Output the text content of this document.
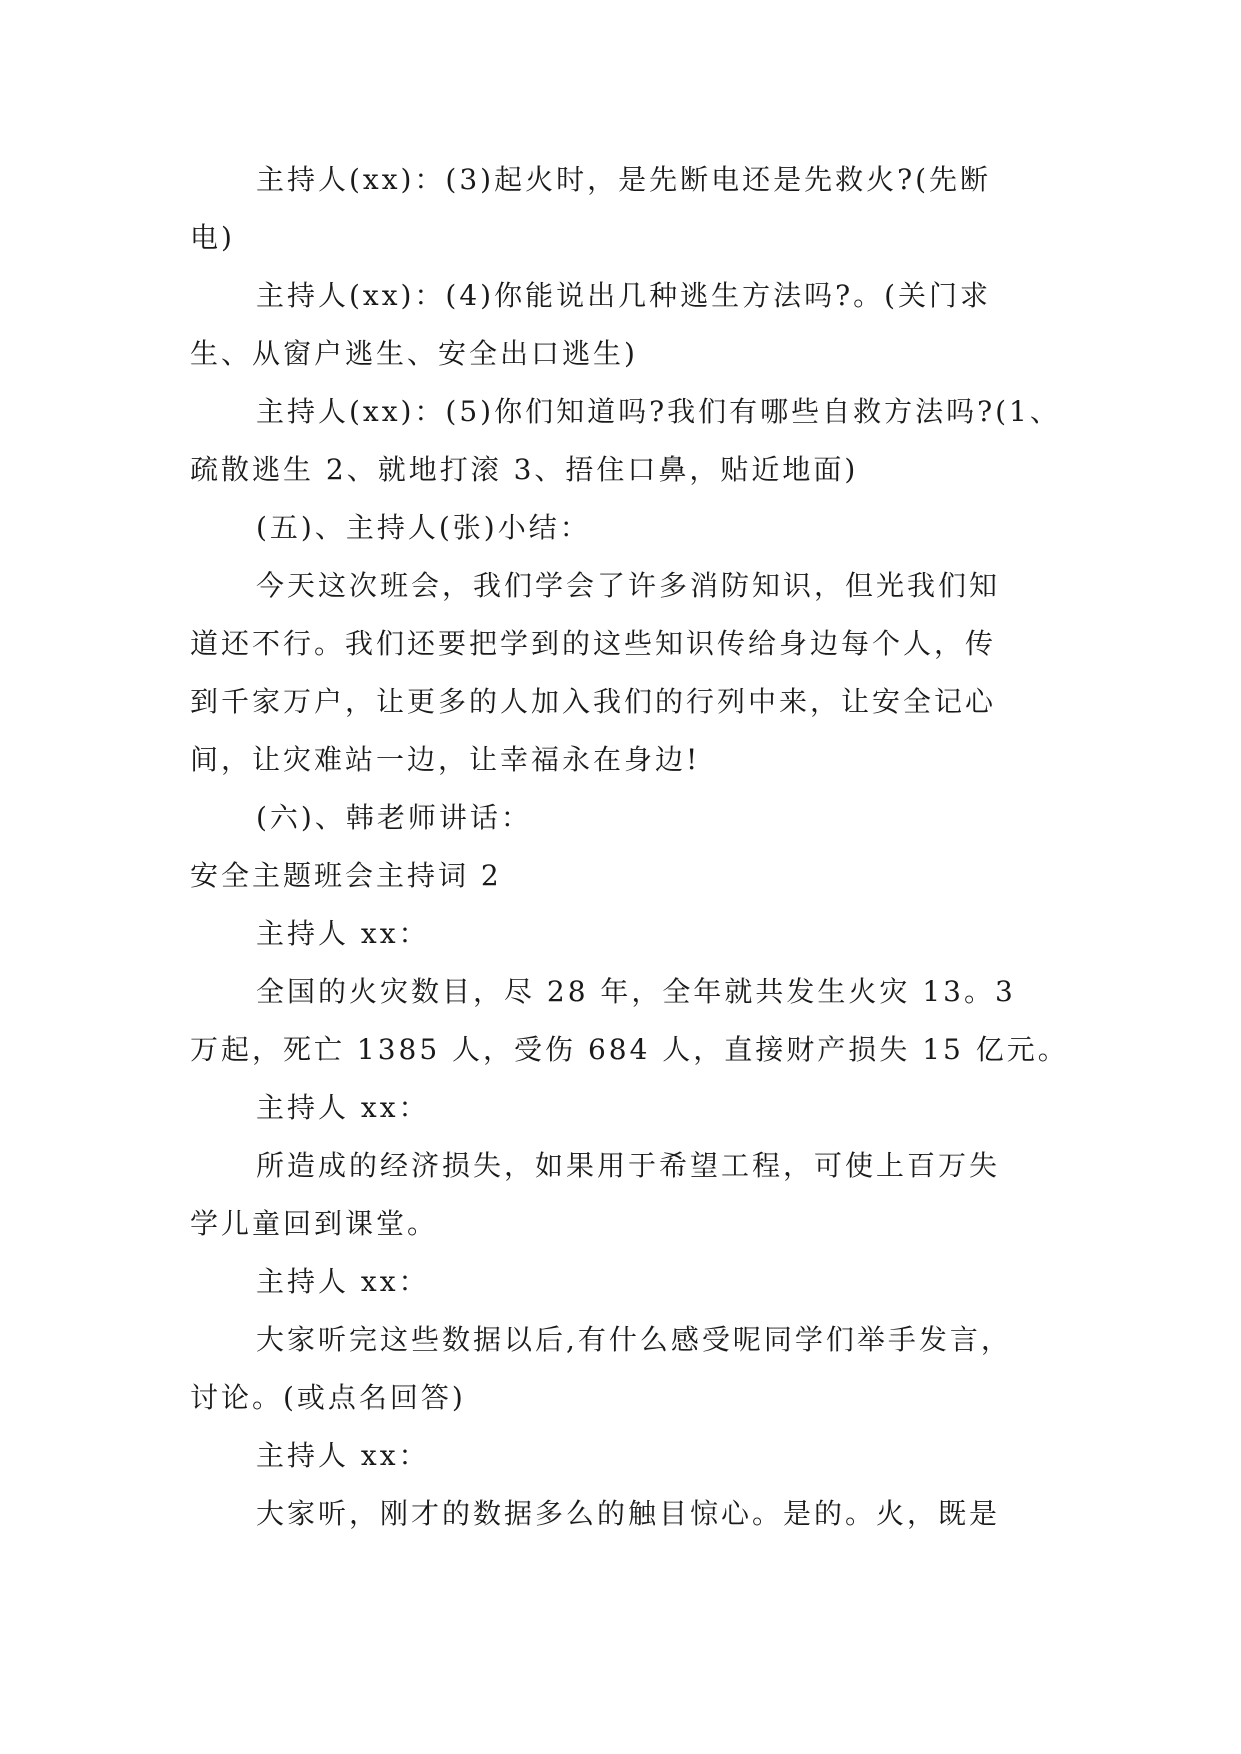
主持人(xx)：(3)起火时，是先断电还是先救火?(先断
电)
主持人(xx)：(4)你能说出几种逃生方法吗?。(关门求
生、从窗户逃生、安全出口逃生)
主持人(xx)：(5)你们知道吗?我们有哪些自救方法吗?(1、
疏散逃生 2、就地打滚 3、捂住口鼻，贴近地面)
(五)、主持人(张)小结：
今天这次班会，我们学会了许多消防知识，但光我们知
道还不行。我们还要把学到的这些知识传给身边每个人，传
到千家万户，让更多的人加入我们的行列中来，让安全记心
间，让灾难站一边，让幸福永在身边!
(六)、韩老师讲话：
安全主题班会主持词 2
主持人 xx：
全国的火灾数目，尽 28 年，全年就共发生火灾 13。3
万起，死亡 1385 人，受伤 684 人，直接财产损失 15 亿元。
主持人 xx：
所造成的经济损失，如果用于希望工程，可使上百万失
学儿童回到课堂。
主持人 xx：
大家听完这些数据以后,有什么感受呢同学们举手发言，
讨论。(或点名回答)
主持人 xx：
大家听，刚才的数据多么的触目惊心。是的。火，既是
